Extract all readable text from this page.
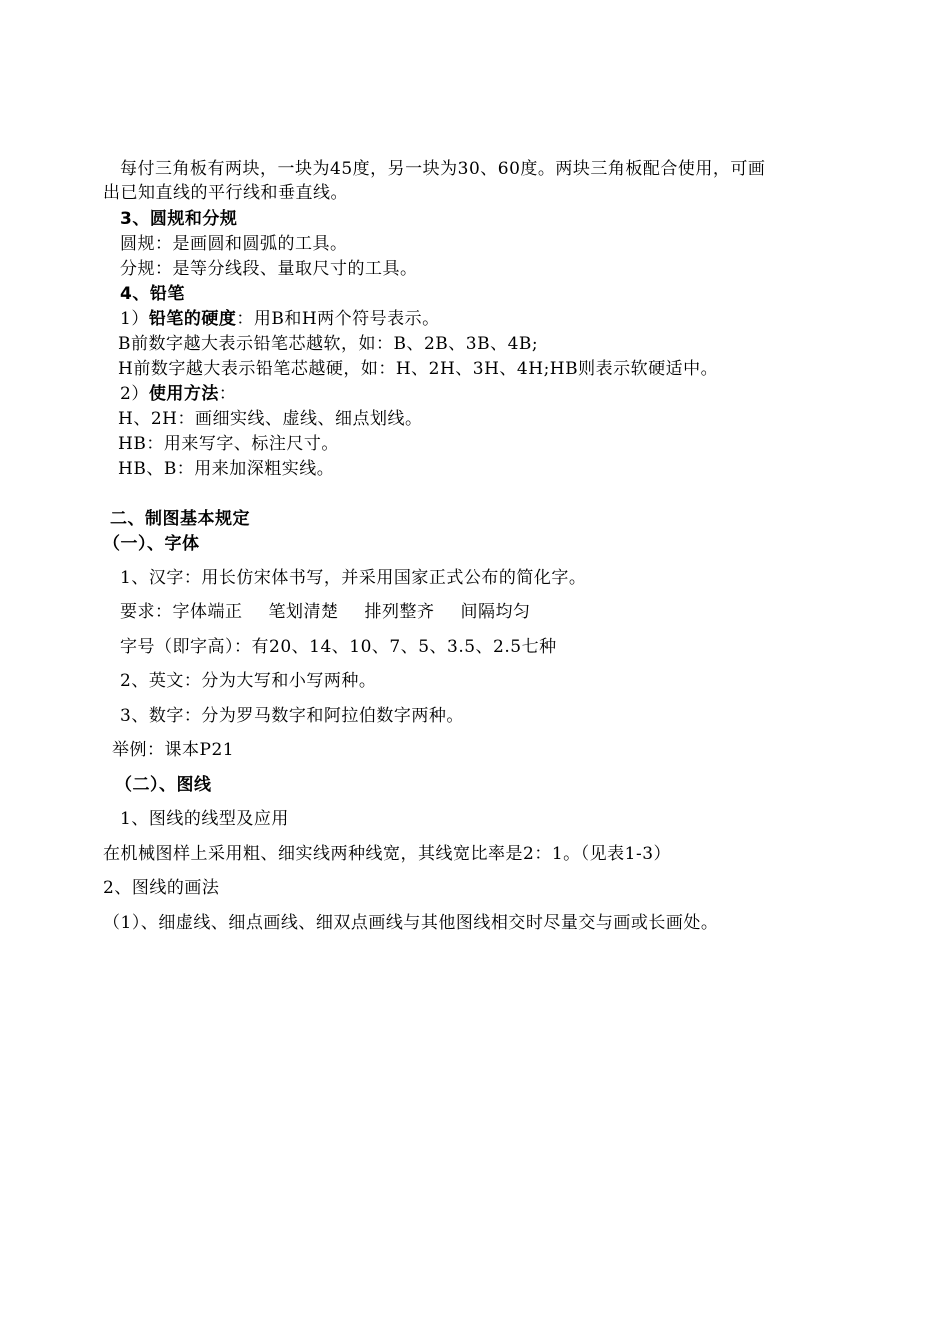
每付三角板有两块，一块为45度，另一块为30、60度。两块三角板配合使用，可画
出已知直线的平行线和垂直线。
3、圆规和分规
圆规：是画圆和圆弧的工具。
分规：是等分线段、量取尺寸的工具。
4、铅笔
1）铅笔的硬度：用B和H两个符号表示。
B前数字越大表示铅笔芯越软，如：B、2B、3B、4B;
H前数字越大表示铅笔芯越硬，如：H、2H、3H、4H;HB则表示软硬适中。
2）使用方法：
H、2H：画细实线、虚线、细点划线。
HB：用来写字、标注尺寸。
HB、B：用来加深粗实线。
二、制图基本规定
（一）、字体
1、汉字：用长仿宋体书写，并采用国家正式公布的简化字。
要求：字体端正 笔划清楚 排列整齐 间隔均匀
字号（即字高）：有20、14、10、7、5、3.5、2.5七种
2、英文：分为大写和小写两种。
3、数字：分为罗马数字和阿拉伯数字两种。
举例：课本P21
（二）、图线
1、图线的线型及应用
在机械图样上采用粗、细实线两种线宽，其线宽比率是2：1。（见表1-3）
2、图线的画法
（1）、细虚线、细点画线、细双点画线与其他图线相交时尽量交与画或长画处。
